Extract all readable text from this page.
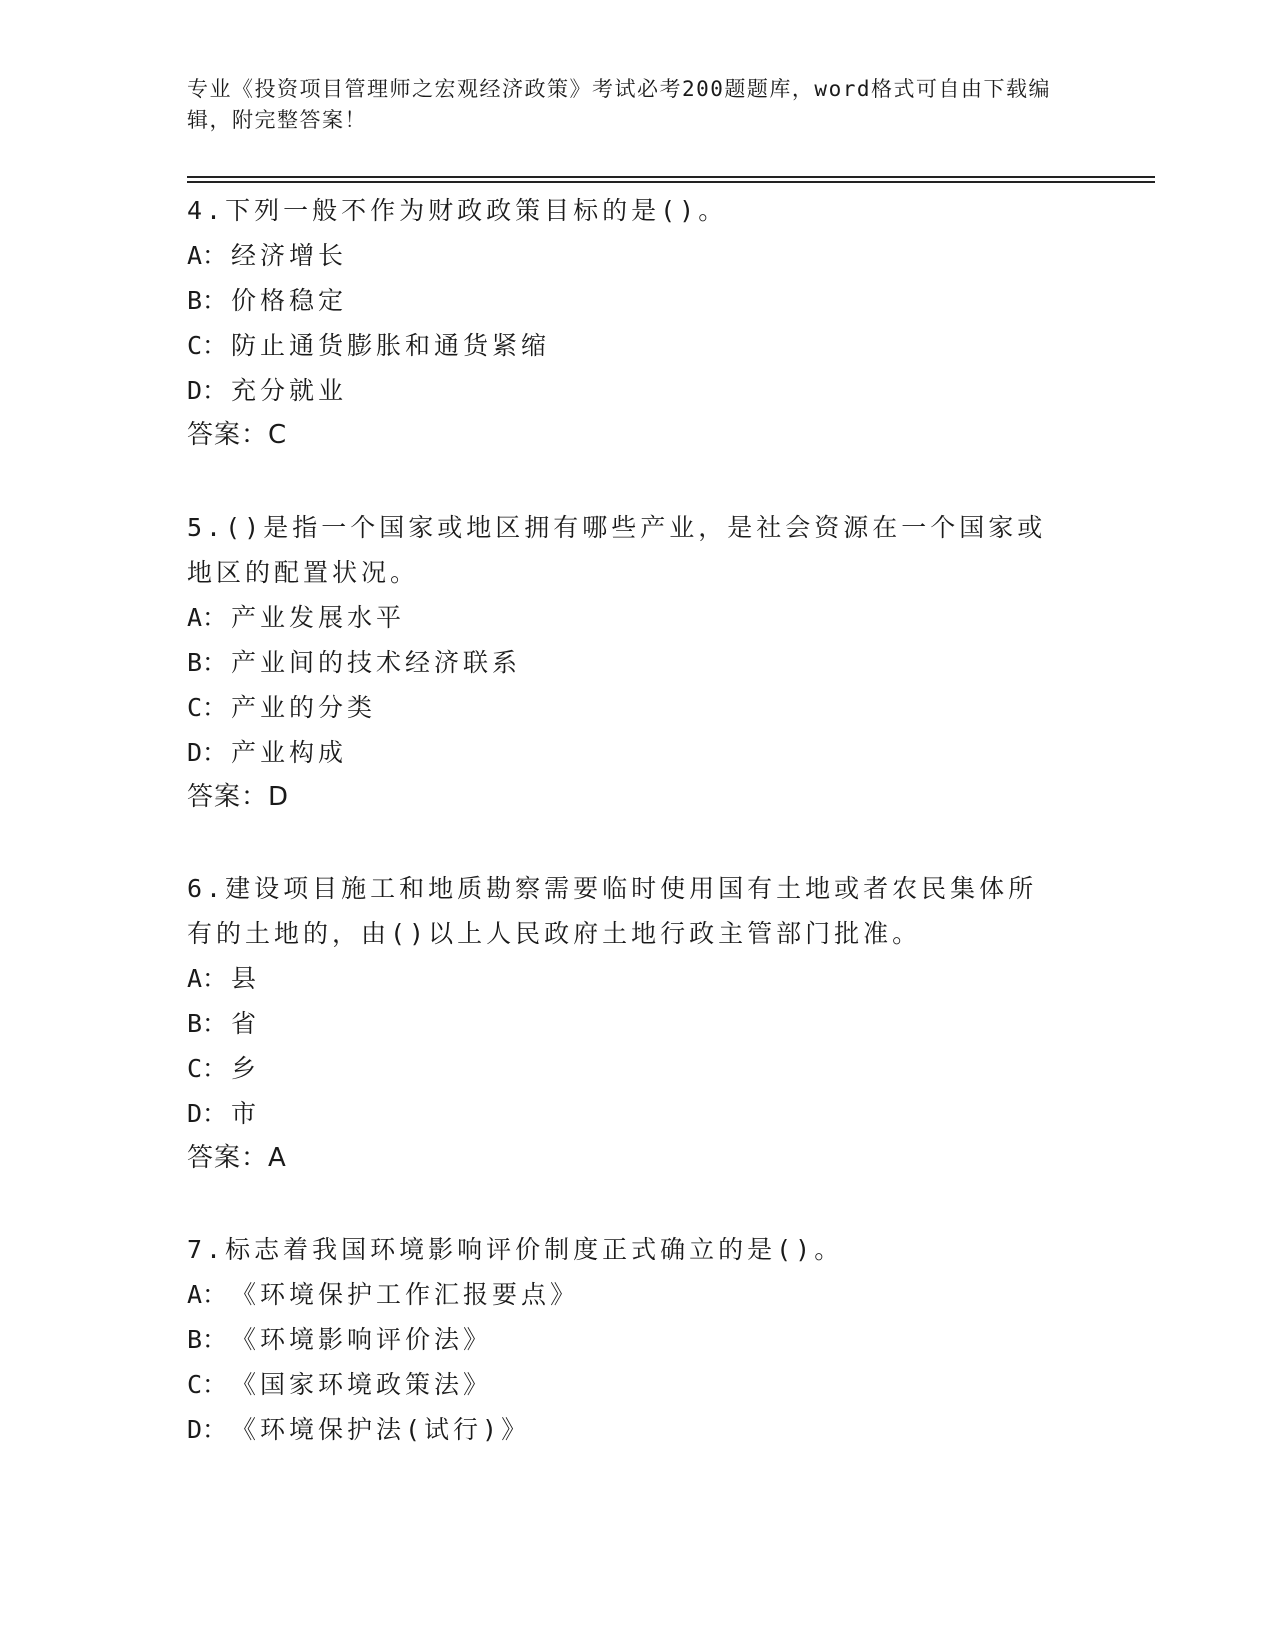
专业《投资项目管理师之宏观经济政策》考试必考200题题库，word格式可自由下载编辑，附完整答案！

4.下列一般不作为财政政策目标的是()。

A： 经济增长

B： 价格稳定

C： 防止通货膨胀和通货紧缩

D： 充分就业

答案：C

5.()是指一个国家或地区拥有哪些产业，是社会资源在一个国家或地区的配置状况。

A： 产业发展水平

B： 产业间的技术经济联系

C： 产业的分类

D： 产业构成

答案：D

6.建设项目施工和地质勘察需要临时使用国有土地或者农民集体所有的土地的，由()以上人民政府土地行政主管部门批准。

A： 县

B： 省

C： 乡

D： 市

答案：A

7.标志着我国环境影响评价制度正式确立的是()。

A： 《环境保护工作汇报要点》

B： 《环境影响评价法》

C： 《国家环境政策法》

D： 《环境保护法(试行)》
